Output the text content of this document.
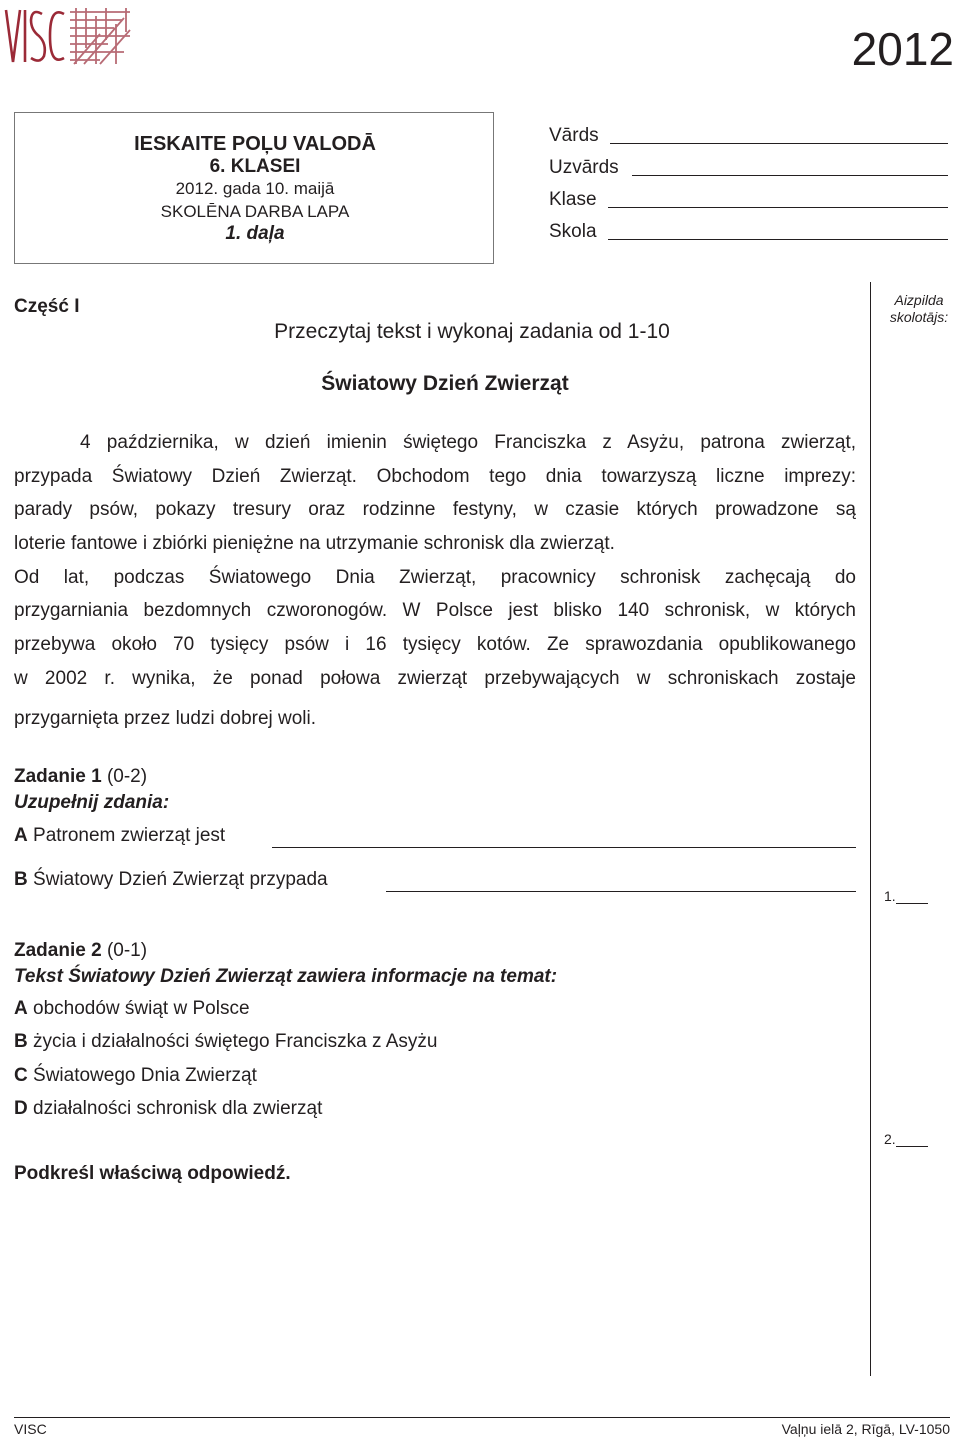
2012
IESKAITE POĻU VALODĀ
6. KLASEI
2012. gada 10. maijā
SKOLĒNA DARBA LAPA
1. daļa
Vārds
Uzvārds
Klase
Skola
Część I
Przeczytaj tekst i wykonaj zadania od 1-10
Aizpilda
skolotājs:
Światowy Dzień Zwierząt
4 października, w dzień imienin świętego Franciszka z Asyżu, patrona zwierząt,
przypada Światowy Dzień Zwierząt. Obchodom tego dnia towarzyszą liczne imprezy:
parady psów, pokazy tresury oraz rodzinne festyny, w czasie których prowadzone są
loterie fantowe i zbiórki pieniężne na utrzymanie schronisk dla zwierząt.
Od lat, podczas Światowego Dnia Zwierząt, pracownicy schronisk zachęcają do
przygarniania bezdomnych czworonogów. W Polsce jest blisko 140 schronisk, w których
przebywa około 70 tysięcy psów i 16 tysięcy kotów. Ze sprawozdania opublikowanego
w 2002 r. wynika, że ponad połowa zwierząt przebywających w schroniskach zostaje
przygarnięta przez ludzi dobrej woli.
Zadanie 1 (0-2)
Uzupełnij zdania:
A Patronem zwierząt jest
B Światowy Dzień Zwierząt przypada
1.
Zadanie 2 (0-1)
Tekst Światowy Dzień Zwierząt zawiera informacje na temat:
A obchodów świąt w Polsce
B życia i działalności świętego Franciszka z Asyżu
C Światowego Dnia Zwierząt
D działalności schronisk dla zwierząt
2.
Podkreśl właściwą odpowiedź.
VISC	Vaļņu ielā 2, Rīgā, LV-1050
